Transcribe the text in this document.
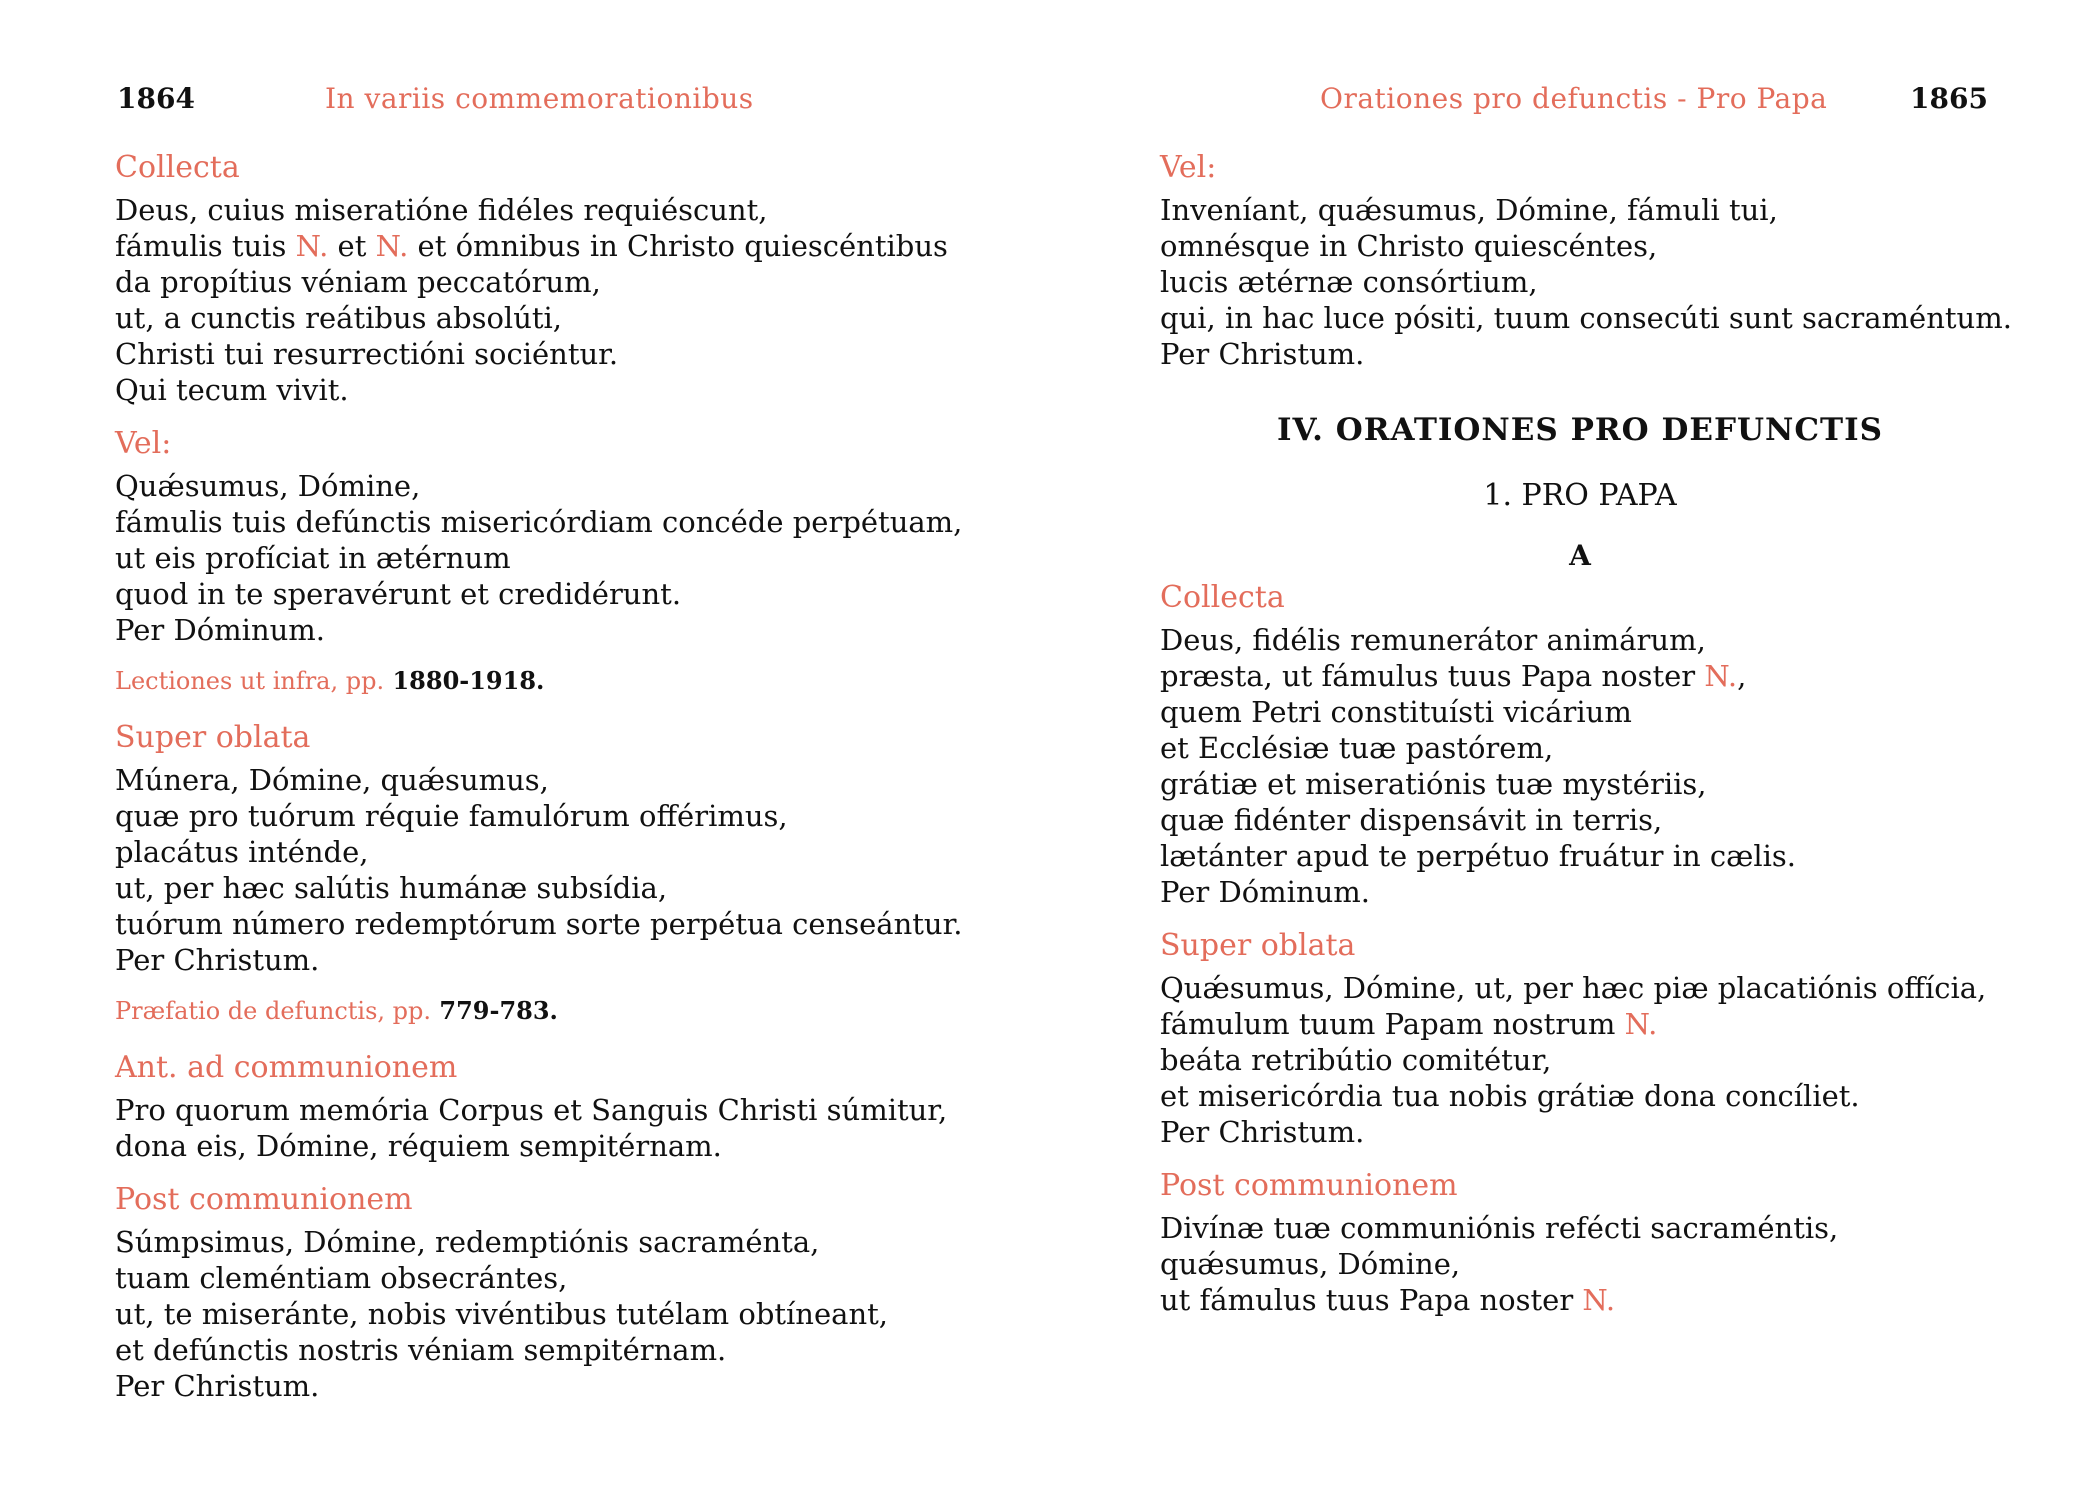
1864	In variis commemorationibus
Collecta
Deus, cuius miseratióne fidéles requiéscunt,
fámulis tuis N. et N. et ómnibus in Christo quiescéntibus
da propítius véniam peccatórum,
ut, a cunctis reátibus absolúti,
Christi tui resurrectióni sociéntur.
Qui tecum vivit.
Vel:
Quǽsumus, Dómine,
fámulis tuis defúnctis misericórdiam concéde perpétuam,
ut eis profíciat in ætérnum
quod in te speravérunt et credidérunt.
Per Dóminum.

Lectiones ut infra, pp. 1880-1918.

Super oblata
Múnera, Dómine, quǽsumus,
quæ pro tuórum réquie famulórum offérimus,
placátus inténde,
ut, per hæc salútis humánæ subsídia,
tuórum número redemptórum sorte perpétua censeántur.
Per Christum.

Præfatio de defunctis, pp. 779-783.

Ant. ad communionem
Pro quorum memória Corpus et Sanguis Christi súmitur,
dona eis, Dómine, réquiem sempitérnam.
Post communionem
Súmpsimus, Dómine, redemptiónis sacraménta,
tuam cleméntiam obsecrántes,
ut, te miseránte, nobis vivéntibus tutélam obtíneant,
et defúnctis nostris véniam sempitérnam.
Per Christum.
Orationes pro defunctis - Pro Papa	1865
Vel:
Inveníant, quǽsumus, Dómine, fámuli tui,
omnésque in Christo quiescéntes,
lucis ætérnæ consórtium,
qui, in hac luce pósiti, tuum consecúti sunt sacraméntum.
Per Christum.
IV. ORATIONES PRO DEFUNCTIS
1. PRO PAPA
A
Collecta
Deus, fidélis remunerátor animárum,
præsta, ut fámulus tuus Papa noster N.,
quem Petri constituísti vicárium
et Ecclésiæ tuæ pastórem,
grátiæ et miseratiónis tuæ mystériis,
quæ fidénter dispensávit in terris,
lætánter apud te perpétuo fruátur in cælis.
Per Dóminum.
Super oblata
Quǽsumus, Dómine, ut, per hæc piæ placatiónis offícia,
fámulum tuum Papam nostrum N.
beáta retribútio comitétur,
et misericórdia tua nobis grátiæ dona concíliet.
Per Christum.
Post communionem
Divínæ tuæ communiónis refécti sacraméntis,
quǽsumus, Dómine,
ut fámulus tuus Papa noster N.
